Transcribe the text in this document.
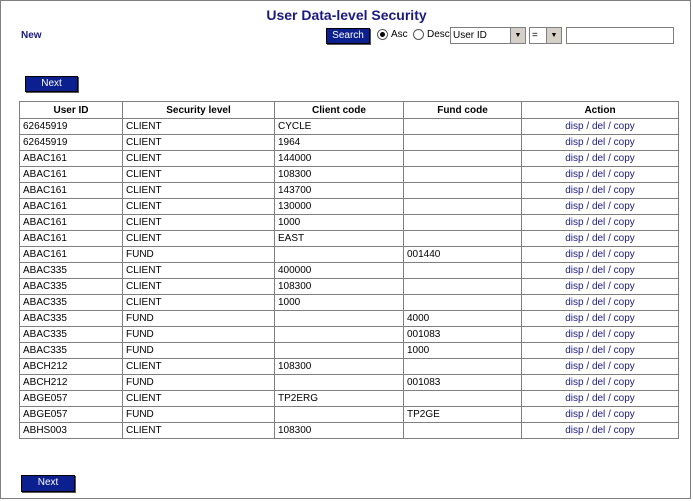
User Data-level Security
New	Search	Asc Desc User ID	▼	=	▼
Next
User ID	Security level	Client code	Fund code	Action
62645919	CLIENT	CYCLE		disp / del / copy
62645919	CLIENT	1964		disp / del / copy
ABAC161	CLIENT	144000		disp / del / copy
ABAC161	CLIENT	108300		disp / del / copy
ABAC161	CLIENT	143700		disp / del / copy
ABAC161	CLIENT	130000		disp / del / copy
ABAC161	CLIENT	1000		disp / del / copy
ABAC161	CLIENT	EAST		disp / del / copy
ABAC161	FUND		001440	disp / del / copy
ABAC335	CLIENT	400000		disp / del / copy
ABAC335	CLIENT	108300		disp / del / copy
ABAC335	CLIENT	1000		disp / del / copy
ABAC335	FUND		4000	disp / del / copy
ABAC335	FUND		001083	disp / del / copy
ABAC335	FUND		1000	disp / del / copy
ABCH212	CLIENT	108300		disp / del / copy
ABCH212	FUND		001083	disp / del / copy
ABGE057	CLIENT	TP2ERG		disp / del / copy
ABGE057	FUND		TP2GE	disp / del / copy
ABHS003	CLIENT	108300		disp / del / copy
Next
